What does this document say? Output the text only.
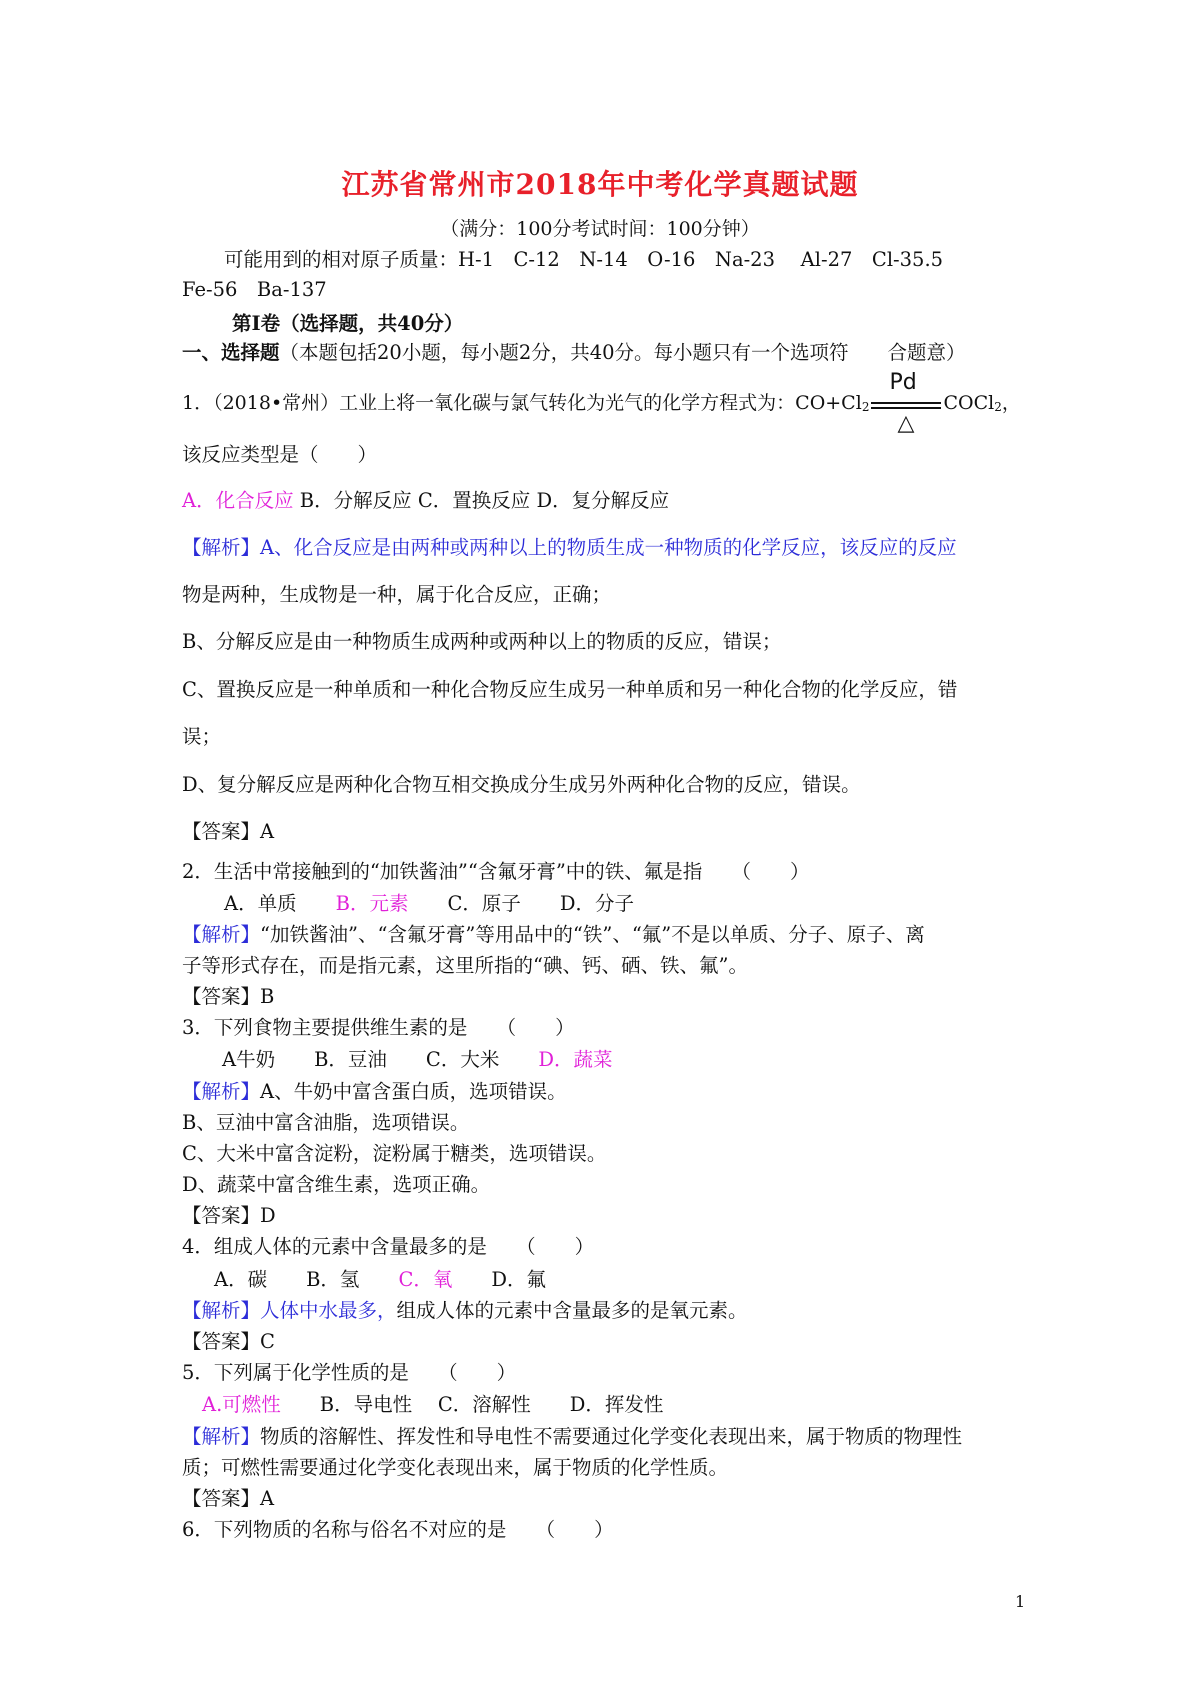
江苏省常州市2018年中考化学真题试题
（满分：100分考试时间：100分钟）
可能用到的相对原子质量：H-1　C-12　N-14　O-16　Na-23　 Al-27　Cl-35.5
Fe-56　Ba-137
第Ⅰ卷（选择题，共40分）
一、选择题（本题包括20小题，每小题2分，共40分。每小题只有一个选项符　　合题意）
1．（2018•常州）工业上将一氧化碳与氯气转化为光气的化学方程式为：$CO+Cl2 \frac{Pd}{\triangle}$ COCl2，
该反应类型是（　　）
A．化合反应 B．分解反应 C．置换反应 D．复分解反应
【解析】A、化合反应是由两种或两种以上的物质生成一种物质的化学反应，该反应的反应
物是两种，生成物是一种，属于化合反应，正确；
B、分解反应是由一种物质生成两种或两种以上的物质的反应，错误；
C、置换反应是一种单质和一种化合物反应生成另一种单质和另一种化合物的化学反应，错
误；
D、复分解反应是两种化合物互相交换成分生成另外两种化合物的反应，错误。
【答案】A
2．生活中常接触到的“加铁酱油”“含氟牙膏”中的铁、氟是指　　（　　）
A．单质　　 B．元素　　 C．原子　　D．分子
【解析】“加铁酱油”、“含氟牙膏”等用品中的“铁”、“氟”不是以单质、分子、原子、离
子等形式存在，而是指元素，这里所指的“碘、钙、硒、铁、氟”。
【答案】B
3．下列食物主要提供维生素的是　　（　　）
A牛奶　　B．豆油　　C．大米　　 D．蔬菜
【解析】A、牛奶中富含蛋白质，选项错误。
B、豆油中富含油脂，选项错误。
C、大米中富含淀粉，淀粉属于糖类，选项错误。
D、蔬菜中富含维生素，选项正确。
【答案】D
4．组成人体的元素中含量最多的是　　（　　）
A．碳　　B．氢　　 C．氧　　 D．氟
【解析】人体中水最多，组成人体的元素中含量最多的是氧元素。
【答案】C
5．下列属于化学性质的是　　（　　）
A.可燃性　　 B．导电性　 C．溶解性　　D．挥发性
【解析】物质的溶解性、挥发性和导电性不需要通过化学变化表现出来，属于物质的物理性
质；可燃性需要通过化学变化表现出来，属于物质的化学性质。
【答案】A
6．下列物质的名称与俗名不对应的是　　（　　）
1
